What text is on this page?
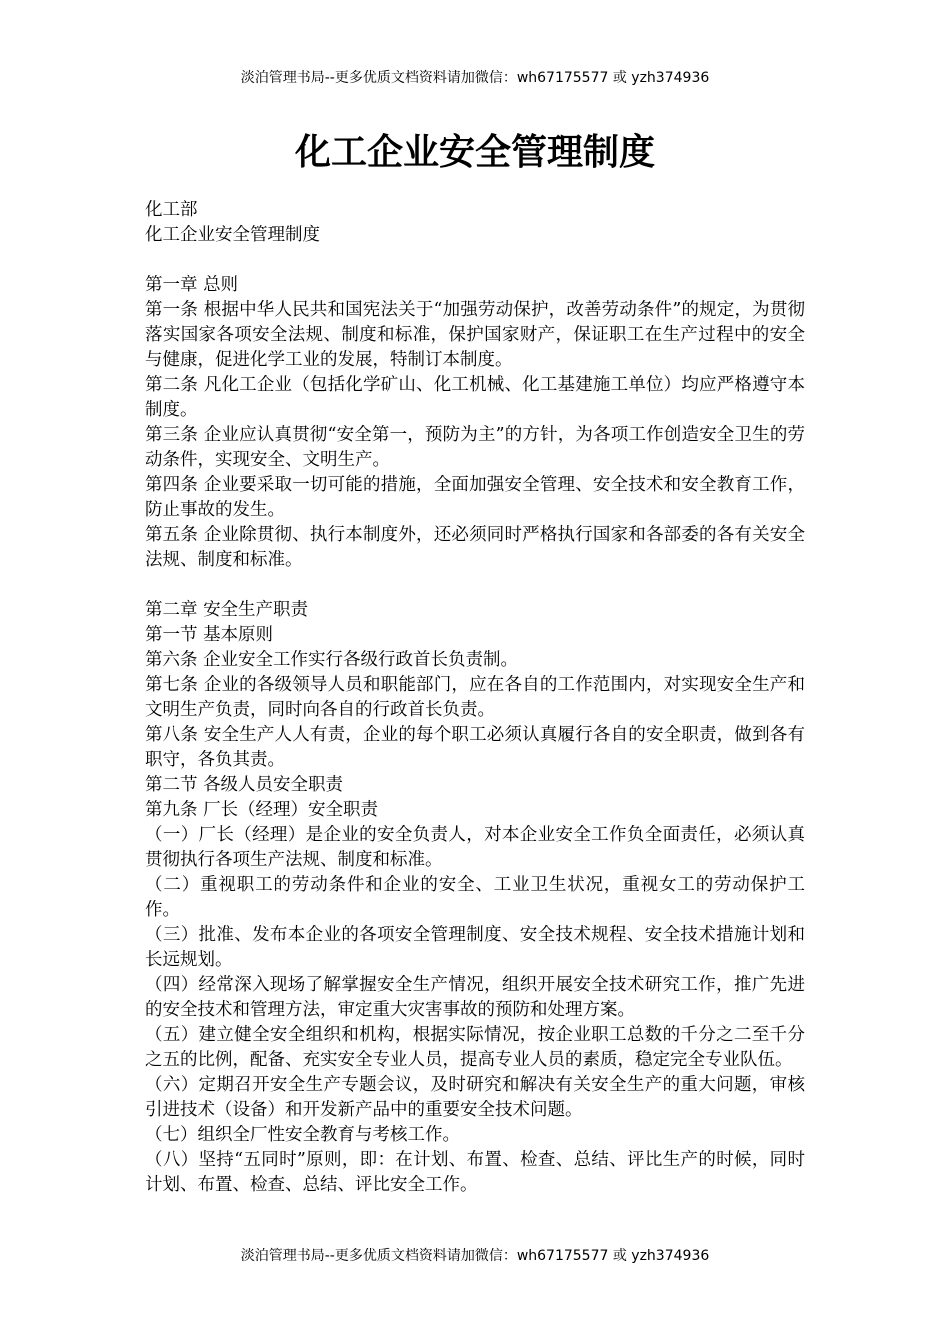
淡泊管理书局--更多优质文档资料请加微信：wh67175577 或 yzh374936
化工企业安全管理制度

化工部

化工企业安全管理制度

第一章 总则

第一条 根据中华人民共和国宪法关于“加强劳动保护，改善劳动条件”的规定，为贯彻落实国家各项安全法规、制度和标准，保护国家财产，保证职工在生产过程中的安全与健康，促进化学工业的发展，特制订本制度。

第二条 凡化工企业（包括化学矿山、化工机械、化工基建施工单位）均应严格遵守本制度。

第三条 企业应认真贯彻“安全第一，预防为主”的方针，为各项工作创造安全卫生的劳动条件，实现安全、文明生产。

第四条 企业要采取一切可能的措施，全面加强安全管理、安全技术和安全教育工作，防止事故的发生。

第五条 企业除贯彻、执行本制度外，还必须同时严格执行国家和各部委的各有关安全法规、制度和标准。

第二章 安全生产职责

第一节 基本原则

第六条 企业安全工作实行各级行政首长负责制。

第七条 企业的各级领导人员和职能部门，应在各自的工作范围内，对实现安全生产和文明生产负责，同时向各自的行政首长负责。

第八条 安全生产人人有责，企业的每个职工必须认真履行各自的安全职责，做到各有职守，各负其责。

第二节 各级人员安全职责

第九条 厂长（经理）安全职责

（一）厂长（经理）是企业的安全负责人，对本企业安全工作负全面责任，必须认真贯彻执行各项生产法规、制度和标准。

（二）重视职工的劳动条件和企业的安全、工业卫生状况，重视女工的劳动保护工作。

（三）批准、发布本企业的各项安全管理制度、安全技术规程、安全技术措施计划和长远规划。

（四）经常深入现场了解掌握安全生产情况，组织开展安全技术研究工作，推广先进的安全技术和管理方法，审定重大灾害事故的预防和处理方案。

（五）建立健全安全组织和机构，根据实际情况，按企业职工总数的千分之二至千分之五的比例，配备、充实安全专业人员，提高专业人员的素质，稳定完全专业队伍。

（六）定期召开安全生产专题会议，及时研究和解决有关安全生产的重大问题，审核引进技术（设备）和开发新产品中的重要安全技术问题。

（七）组织全厂性安全教育与考核工作。

（八）坚持“五同时”原则，即：在计划、布置、检查、总结、评比生产的时候，同时计划、布置、检查、总结、评比安全工作。

淡泊管理书局--更多优质文档资料请加微信：wh67175577 或 yzh374936
